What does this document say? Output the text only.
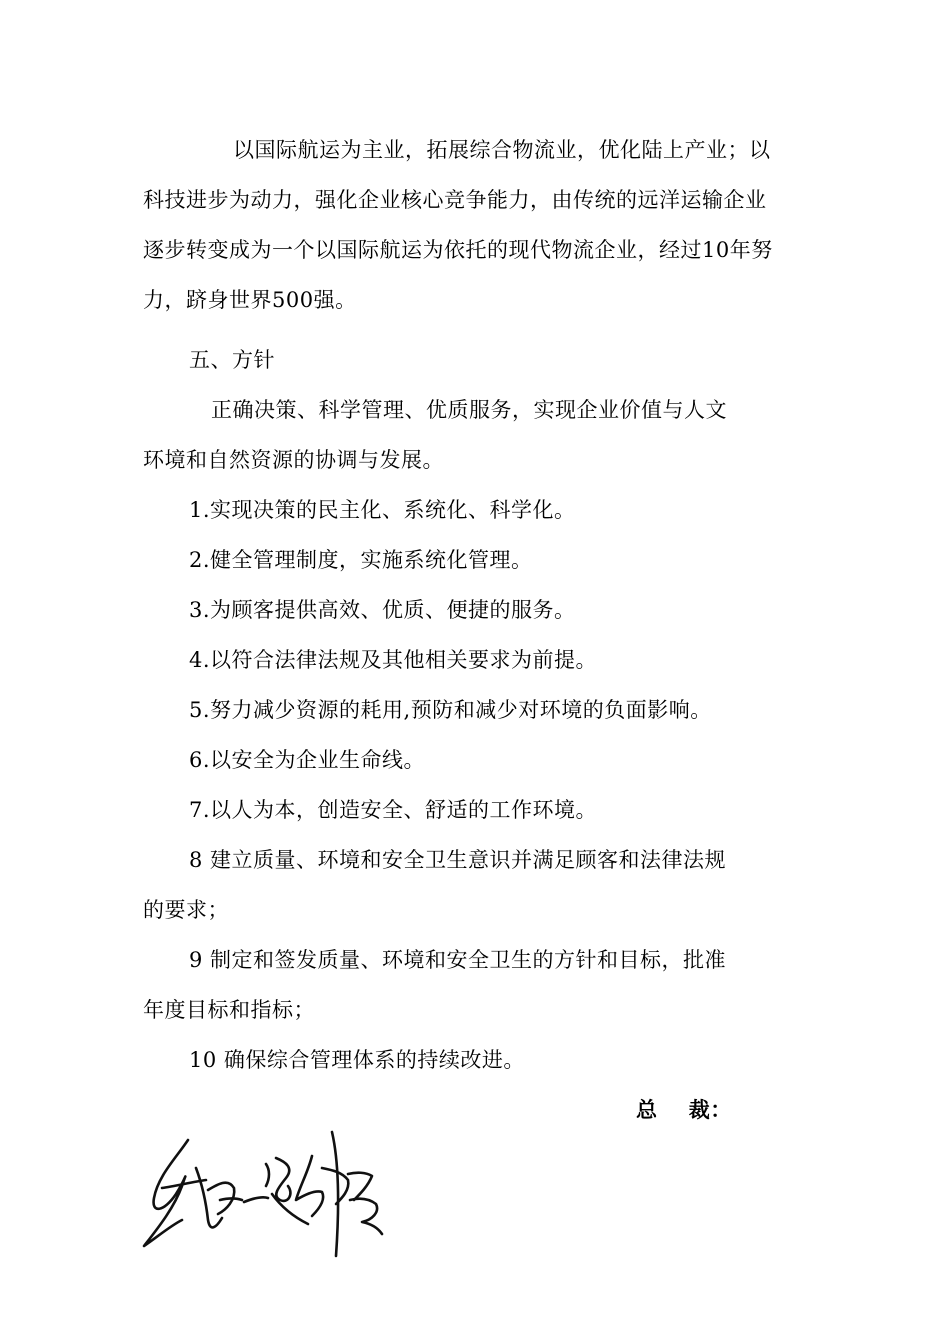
以国际航运为主业，拓展综合物流业，优化陆上产业；以
科技进步为动力，强化企业核心竞争能力，由传统的远洋运输企业
逐步转变成为一个以国际航运为依托的现代物流企业，经过10年努
力，跻身世界500强。
五、方针
正确决策、科学管理、优质服务，实现企业价值与人文
环境和自然资源的协调与发展。
1.实现决策的民主化、系统化、科学化。
2.健全管理制度，实施系统化管理。
3.为顾客提供高效、优质、便捷的服务。
4.以符合法律法规及其他相关要求为前提。
5.努力减少资源的耗用,预防和减少对环境的负面影响。
6.以安全为企业生命线。
7.以人为本，创造安全、舒适的工作环境。
8 建立质量、环境和安全卫生意识并满足顾客和法律法规
的要求；
9 制定和签发质量、环境和安全卫生的方针和目标，批准
年度目标和指标；
10 确保综合管理体系的持续改进。
总    裁：
